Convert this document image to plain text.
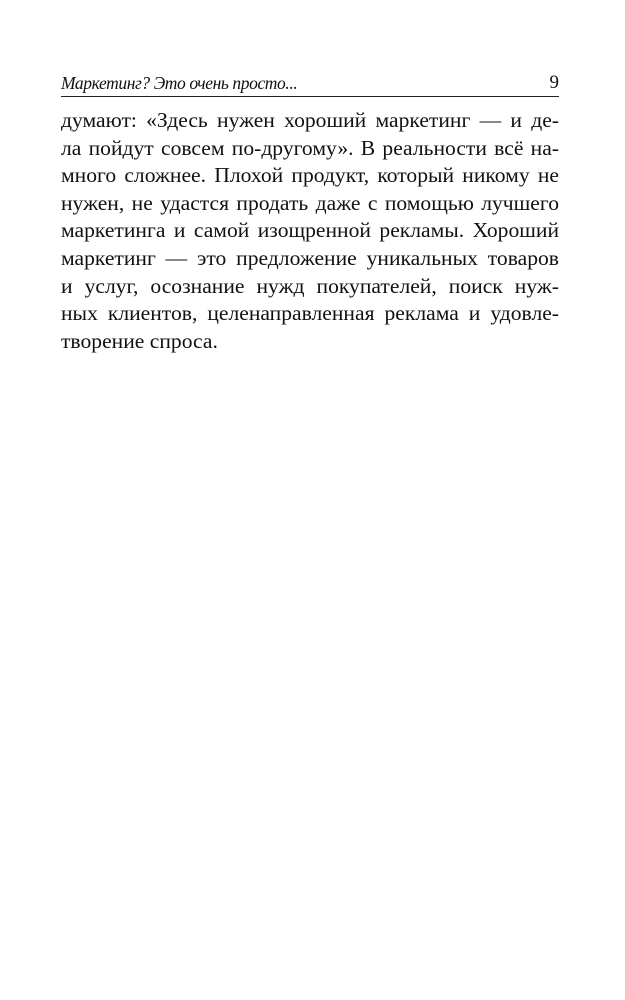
Маркетинг? Это очень просто...	9
думают: «Здесь нужен хороший маркетинг — и де-
ла пойдут совсем по-другому». В реальности всё на-
много сложнее. Плохой продукт, который никому не
нужен, не удастся продать даже с помощью лучшего
маркетинга и самой изощренной рекламы. Хороший
маркетинг — это предложение уникальных товаров
и услуг, осознание нужд покупателей, поиск нуж-
ных клиентов, целенаправленная реклама и удовле-
творение спроса.
